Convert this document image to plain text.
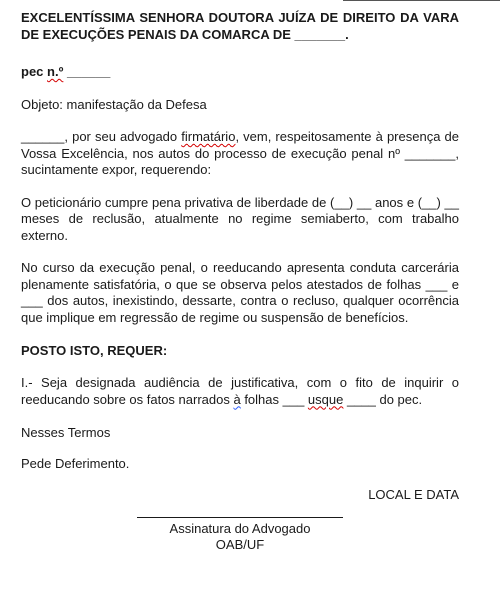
EXCELENTÍSSIMA SENHORA DOUTORA JUÍZA DE DIREITO DA VARA DE EXECUÇÕES PENAIS DA COMARCA DE _______.

pec n.º ______
Objeto: manifestação da Defesa

______, por seu advogado firmatário, vem, respeitosamente à presença de Vossa Excelência, nos autos do processo de execução penal nº _______, sucintamente expor, requerendo:

O peticionário cumpre pena privativa de liberdade de (__) __ anos e (__) __ meses de reclusão, atualmente no regime semiaberto, com trabalho externo.

No curso da execução penal, o reeducando apresenta conduta carcerária plenamente satisfatória, o que se observa pelos atestados de folhas ___ e ___ dos autos, inexistindo, dessarte, contra o recluso, qualquer ocorrência que implique em regressão de regime ou suspensão de benefícios.

POSTO ISTO, REQUER:

I.- Seja designada audiência de justificativa, com o fito de inquirir o reeducando sobre os fatos narrados à folhas ___ usque ____ do pec.

Nesses Termos
Pede Deferimento.
LOCAL E DATA
Assinatura do Advogado
OAB/UF
